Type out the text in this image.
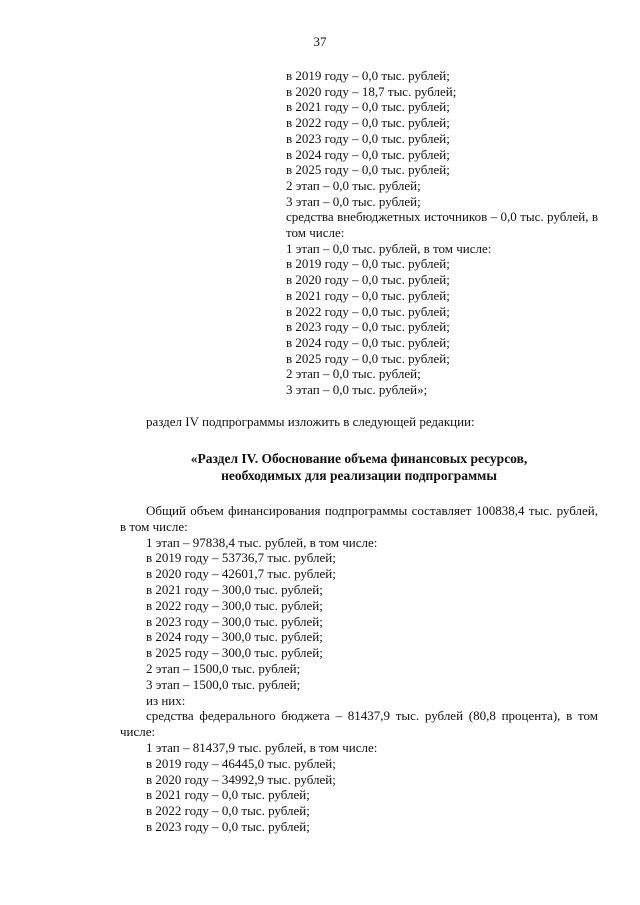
37
в 2019 году – 0,0 тыс. рублей;
в 2020 году – 18,7 тыс. рублей;
в 2021 году – 0,0 тыс. рублей;
в 2022 году – 0,0 тыс. рублей;
в 2023 году – 0,0 тыс. рублей;
в 2024 году – 0,0 тыс. рублей;
в 2025 году – 0,0 тыс. рублей;
2 этап – 0,0 тыс. рублей;
3 этап – 0,0 тыс. рублей;
средства внебюджетных источников – 0,0 тыс. рублей, в том числе:
1 этап – 0,0 тыс. рублей, в том числе:
в 2019 году – 0,0 тыс. рублей;
в 2020 году – 0,0 тыс. рублей;
в 2021 году – 0,0 тыс. рублей;
в 2022 году – 0,0 тыс. рублей;
в 2023 году – 0,0 тыс. рублей;
в 2024 году – 0,0 тыс. рублей;
в 2025 году – 0,0 тыс. рублей;
2 этап – 0,0 тыс. рублей;
3 этап – 0,0 тыс. рублей»;
раздел IV подпрограммы изложить в следующей редакции:
«Раздел IV. Обоснование объема финансовых ресурсов,
необходимых для реализации подпрограммы
Общий объем финансирования подпрограммы составляет 100838,4 тыс. рублей, в том числе:
1 этап – 97838,4 тыс. рублей, в том числе:
в 2019 году – 53736,7 тыс. рублей;
в 2020 году – 42601,7 тыс. рублей;
в 2021 году – 300,0 тыс. рублей;
в 2022 году – 300,0 тыс. рублей;
в 2023 году – 300,0 тыс. рублей;
в 2024 году – 300,0 тыс. рублей;
в 2025 году – 300,0 тыс. рублей;
2 этап – 1500,0 тыс. рублей;
3 этап – 1500,0 тыс. рублей;
из них:
средства федерального бюджета – 81437,9 тыс. рублей (80,8 процента), в том числе:
1 этап – 81437,9 тыс. рублей, в том числе:
в 2019 году – 46445,0 тыс. рублей;
в 2020 году – 34992,9 тыс. рублей;
в 2021 году – 0,0 тыс. рублей;
в 2022 году – 0,0 тыс. рублей;
в 2023 году – 0,0 тыс. рублей;
